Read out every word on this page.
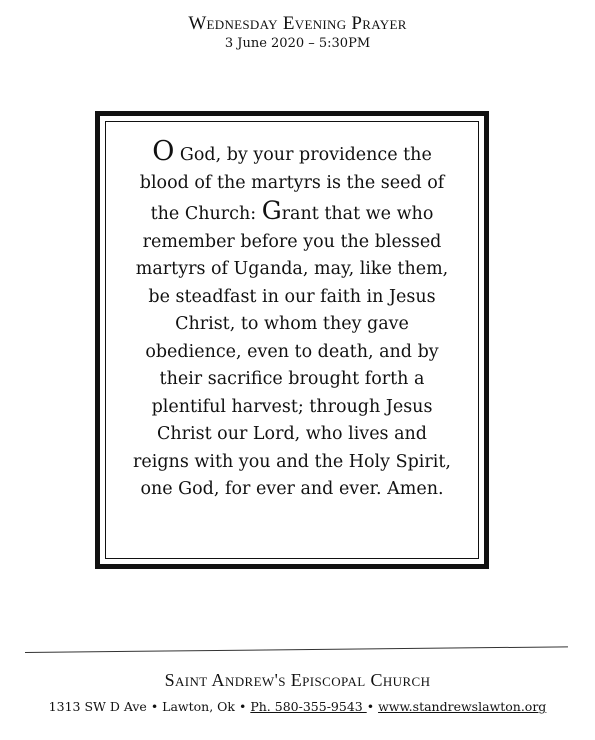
Wednesday Evening Prayer
3 June 2020 – 5:30PM
O God, by your providence the
blood of the martyrs is the seed of
the Church: Grant that we who
remember before you the blessed
martyrs of Uganda, may, like them,
be steadfast in our faith in Jesus
Christ, to whom they gave
obedience, even to death, and by
their sacrifice brought forth a
plentiful harvest; through Jesus
Christ our Lord, who lives and
reigns with you and the Holy Spirit,
one God, for ever and ever. Amen.
Saint Andrew's Episcopal Church
1313 SW D Ave • Lawton, Ok • Ph. 580-355-9543 • www.standrewslawton.org
